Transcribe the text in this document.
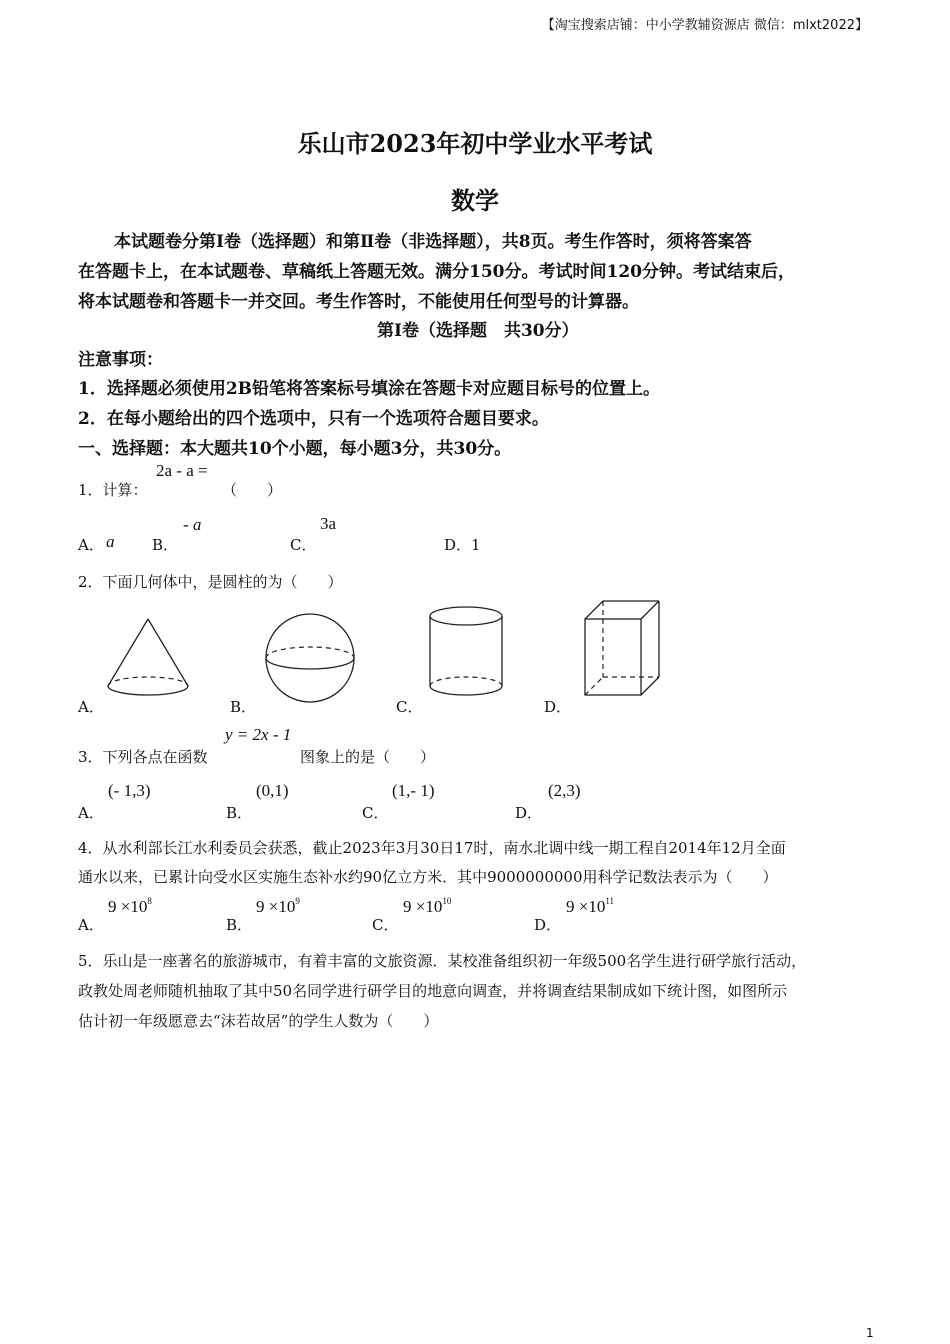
【淘宝搜索店铺：中小学教辅资源店 微信：mlxt2022】
乐山市2023年初中学业水平考试
数学
本试题卷分第Ⅰ卷（选择题）和第Ⅱ卷（非选择题），共8页。考生作答时，须将答案答
在答题卡上，在本试题卷、草稿纸上答题无效。满分150分。考试时间120分钟。考试结束后，
将本试题卷和答题卡一并交回。考生作答时，不能使用任何型号的计算器。
第Ⅰ卷（选择题　共30分）
注意事项：
1．选择题必须使用2B铅笔将答案标号填涂在答题卡对应题目标号的位置上。
2．在每小题给出的四个选项中，只有一个选项符合题目要求。
一、选择题：本大题共10个小题，每小题3分，共30分。
1．计算：
2a - a =
（　　）
A． a	B．
- a
C．
3a
D．1
2．下面几何体中，是圆柱的为（　　）
A．	B．	C．	D．
3．下列各点在函数
y = 2x - 1
图象上的是（　　）
A．
(- 1,3)
B．
(0,1)
C．
(1,- 1)
D．
(2,3)
4．从水利部长江水利委员会获悉，截止2023年3月30日17时，南水北调中线一期工程自2014年12月全面
通水以来，已累计向受水区实施生态补水约90亿立方米．其中9000000000用科学记数法表示为（　　）
A．
$9 \times 10^8$
B．
$9 \times 10^9$
C．
$9 \times 10^{10}$
D．
$9 \times 10^{11}$
5．乐山是一座著名的旅游城市，有着丰富的文旅资源．某校准备组织初一年级500名学生进行研学旅行活动，
政教处周老师随机抽取了其中50名同学进行研学目的地意向调查，并将调查结果制成如下统计图，如图所示
估计初一年级愿意去“沫若故居”的学生人数为（　　）
1
